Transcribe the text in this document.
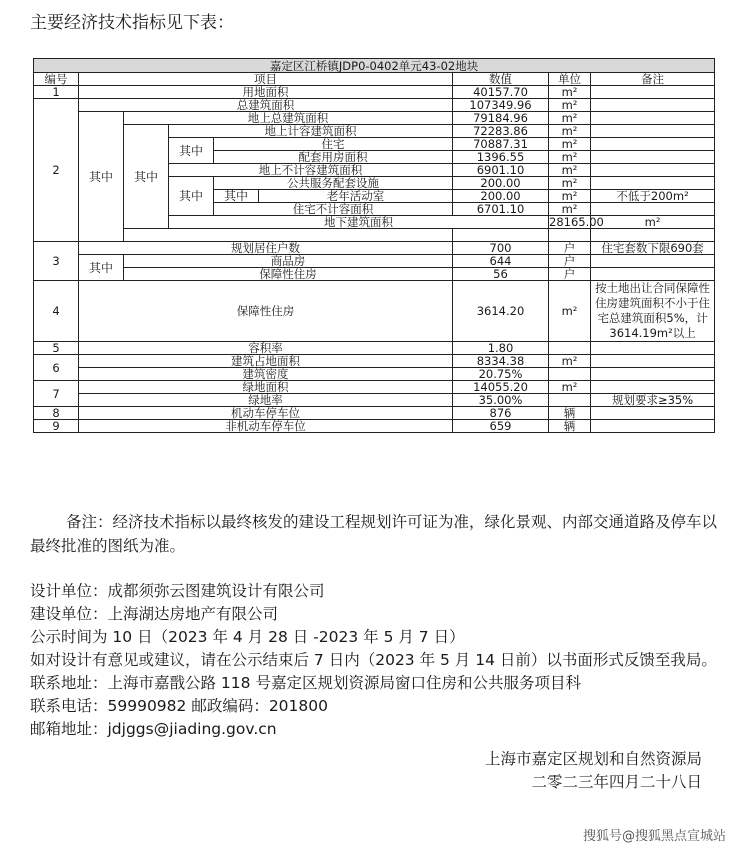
主要经济技术指标见下表：
嘉定区江桥镇JDP0-0402单元43-02地块									
编号	项目					数值	单位	备注	
1	用地面积					40157.70	m²		
2	总建筑面积					107349.96	m²		
	其中	地上总建筑面积				79184.96	m²		
		其中	地上计容建筑面积			72283.86	m²		
			其中	住宅		70887.31	m²		
				配套用房面积		1396.55	m²		
			地上不计容建筑面积			6901.10	m²		
			其中	公共服务配套设施		200.00	m²		
				其中	老年活动室	200.00	m²	不低于200m²	
				住宅不计容面积		6701.10	m²		
			地下建筑面积				28165.00	m²	

3	规划居住户数					700	户	住宅套数下限690套	
	其中	商品房				644	户		
		保障性住房				56	户		
4	保障性住房					3614.20	m²	按土地出让合同保障性住房建筑面积不小于住宅总建筑面积5%，计3614.19m²以上	
5	容积率					1.80			
6	建筑占地面积					8334.38	m²		
	建筑密度					20.75%			
7	绿地面积					14055.20	m²		
	绿地率					35.00%		规划要求≥35%	
8	机动车停车位					876	辆		
9	非机动车停车位					659	辆		
备注：经济技术指标以最终核发的建设工程规划许可证为准，绿化景观、内部交通道路及停车以最终批准的图纸为准。
设计单位：成都须弥云图建筑设计有限公司
建设单位：上海湖达房地产有限公司
公示时间为 10 日（2023 年 4 月 28 日 -2023 年 5 月 7 日）
如对设计有意见或建议，请在公示结束后 7 日内（2023 年 5 月 14 日前）以书面形式反馈至我局。
联系地址：上海市嘉戬公路 118 号嘉定区规划资源局窗口住房和公共服务项目科
联系电话：59990982 邮政编码：201800
邮箱地址：jdjggs@jiading.gov.cn
上海市嘉定区规划和自然资源局
二零二三年四月二十八日
搜狐号@搜狐黑点宣城站
